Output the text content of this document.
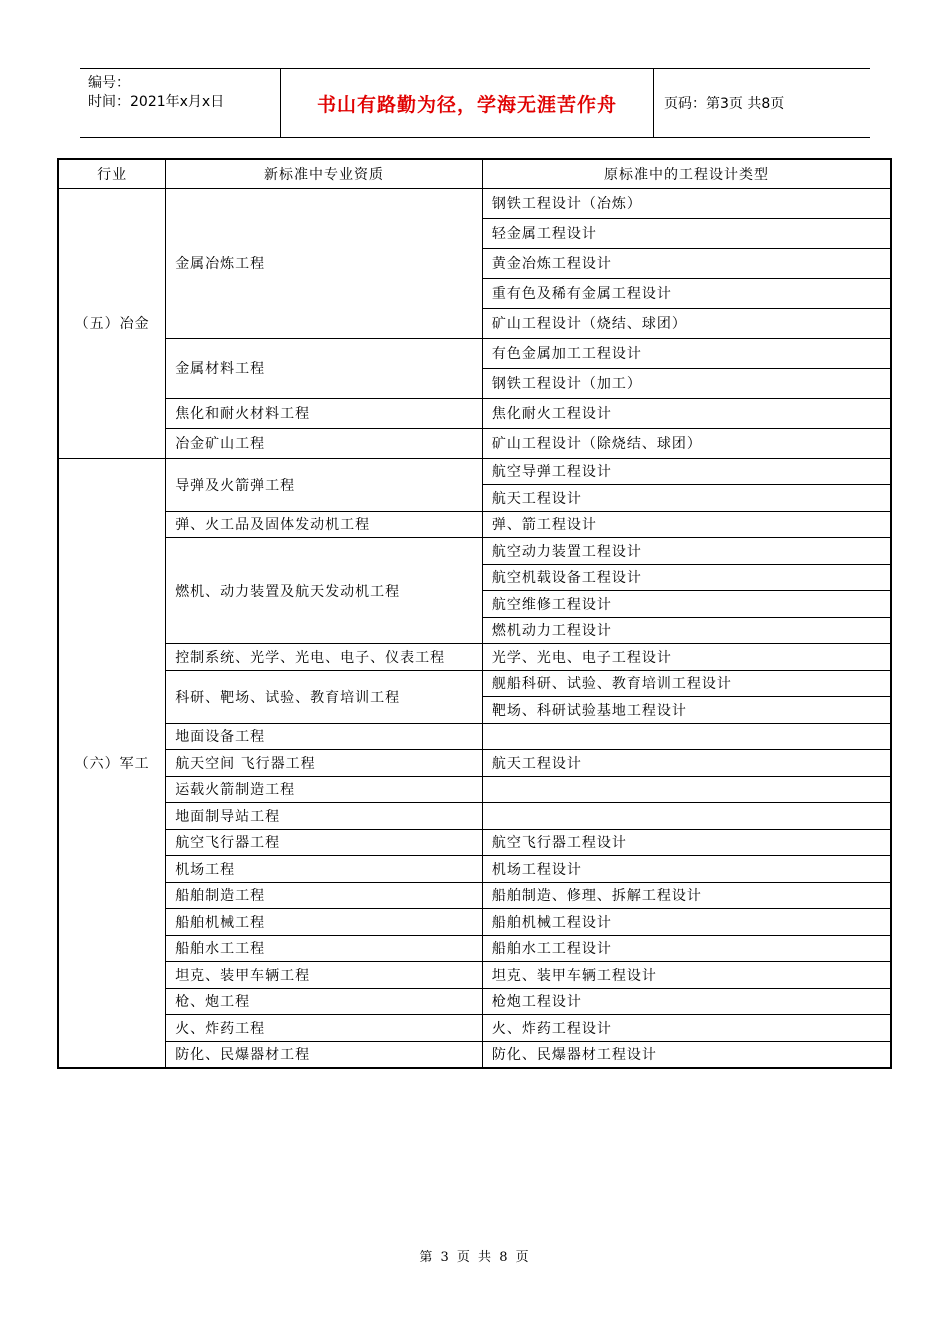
编号：
时间：2021年x月x日	书山有路勤为径，学海无涯苦作舟	页码：第3页 共8页
行业	新标准中专业资质	原标准中的工程设计类型
（五）冶金	金属冶炼工程	钢铁工程设计（冶炼）
		轻金属工程设计
		黄金冶炼工程设计
		重有色及稀有金属工程设计
		矿山工程设计（烧结、球团）
	金属材料工程	有色金属加工工程设计
		钢铁工程设计（加工）
	焦化和耐火材料工程	焦化耐火工程设计
	冶金矿山工程	矿山工程设计（除烧结、球团）
（六）军工	导弹及火箭弹工程	航空导弹工程设计
		航天工程设计
	弹、火工品及固体发动机工程	弹、箭工程设计
	燃机、动力装置及航天发动机工程	航空动力装置工程设计
		航空机载设备工程设计
		航空维修工程设计
		燃机动力工程设计
	控制系统、光学、光电、电子、仪表工程	光学、光电、电子工程设计
	科研、靶场、试验、教育培训工程	舰船科研、试验、教育培训工程设计
		靶场、科研试验基地工程设计
	地面设备工程	
	航天空间 飞行器工程	航天工程设计
	运载火箭制造工程	
	地面制导站工程	
	航空飞行器工程	航空飞行器工程设计
	机场工程	机场工程设计
	船舶制造工程	船舶制造、修理、拆解工程设计
	船舶机械工程	船舶机械工程设计
	船舶水工工程	船舶水工工程设计
	坦克、装甲车辆工程	坦克、装甲车辆工程设计
	枪、炮工程	枪炮工程设计
	火、炸药工程	火、炸药工程设计
	防化、民爆器材工程	防化、民爆器材工程设计
第 3 页 共 8 页
